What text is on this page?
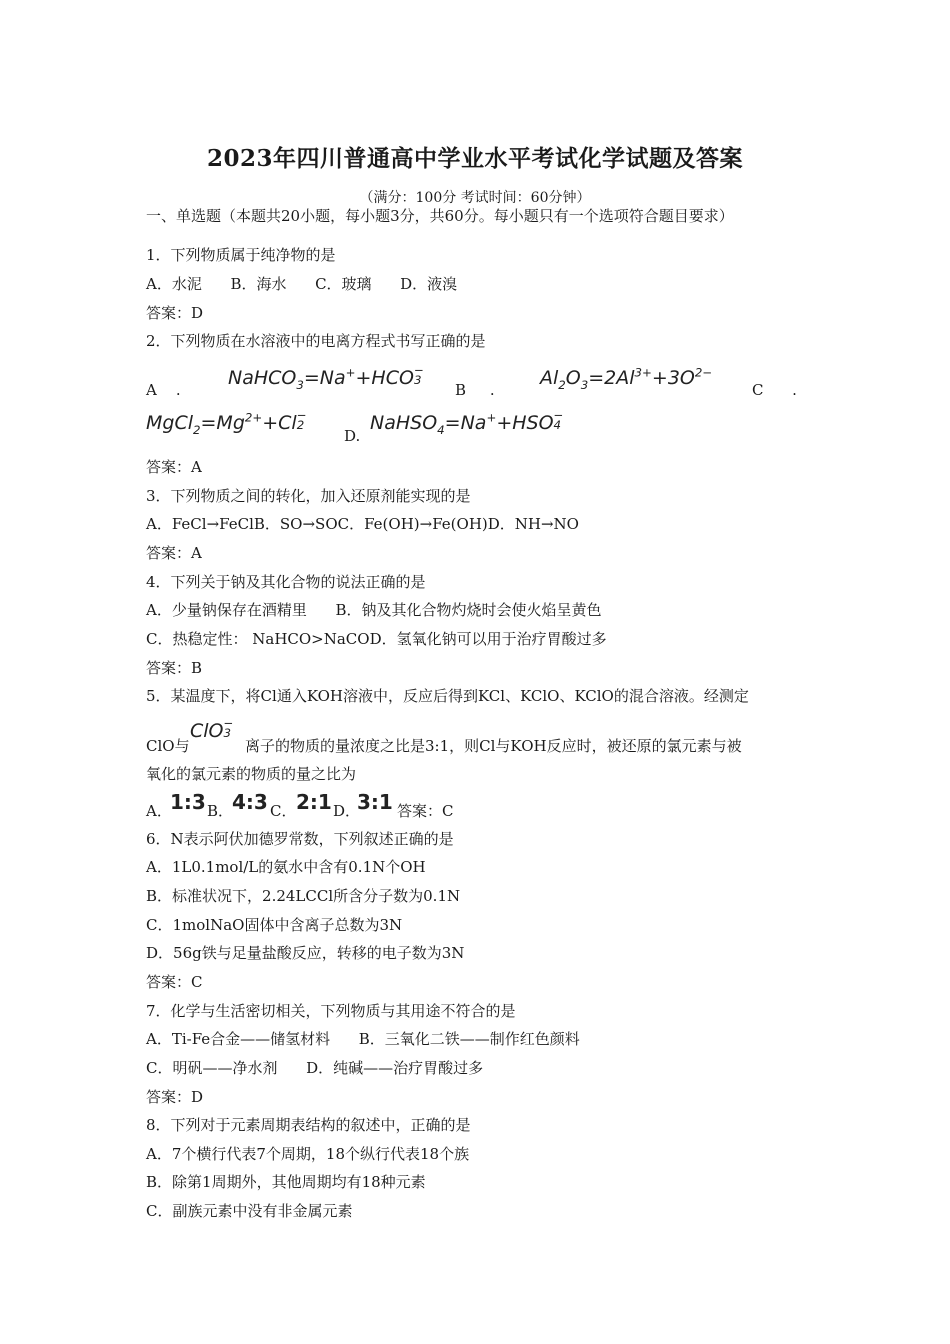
2023年四川普通高中学业水平考试化学试题及答案
（满分：100分 考试时间：60分钟）
一、单选题（本题共20小题，每小题3分，共60分。每小题只有一个选项符合题目要求）
1．下列物质属于纯净物的是
A．水泥      B．海水      C．玻璃      D．液溴
答案：D
2．下列物质在水溶液中的电离方程式书写正确的是
A    .
NaHCO$_3$=Na++HCO −
3
B     .
$Al_2O_3=2Al^{3+}+3O^{2-}$
C      .
$MgCl_2=Mg^{2+}+Cl$ −
2
D.
NaHSO$_4$=Na++HSO −
4
答案：A
3．下列物质之间的转化，加入还原剂能实现的是
A．FeCl→FeClB．SO→SOC．Fe(OH)→Fe(OH)D．NH→NO
答案：A
4．下列关于钠及其化合物的说法正确的是
A．少量钠保存在酒精里      B．钠及其化合物灼烧时会使火焰呈黄色
C．热稳定性： NaHCO>NaCOD．氢氧化钠可以用于治疗胃酸过多
答案：B
5．某温度下，将Cl通入KOH溶液中，反应后得到KCl、KClO、KClO的混合溶液。经测定
ClO与
ClO −
3
离子的物质的量浓度之比是3:1，则Cl与KOH反应时，被还原的氯元素与被
氧化的氯元素的物质的量之比为
A．
1:3 B．
4:3 C． 2:1 D．
3:1 答案：C
6．N表示阿伏加德罗常数，下列叙述正确的是
A．1L0.1mol/L的氨水中含有0.1N个OH
B．标准状况下，2.24LCCl所含分子数为0.1N
C．1molNaO固体中含离子总数为3N
D．56g铁与足量盐酸反应，转移的电子数为3N
答案：C
7．化学与生活密切相关，下列物质与其用途不符合的是
A．Ti-Fe合金——储氢材料      B．三氧化二铁——制作红色颜料
C．明矾——净水剂      D．纯碱——治疗胃酸过多
答案：D
8．下列对于元素周期表结构的叙述中，正确的是
A．7个横行代表7个周期，18个纵行代表18个族
B．除第1周期外，其他周期均有18种元素
C．副族元素中没有非金属元素
